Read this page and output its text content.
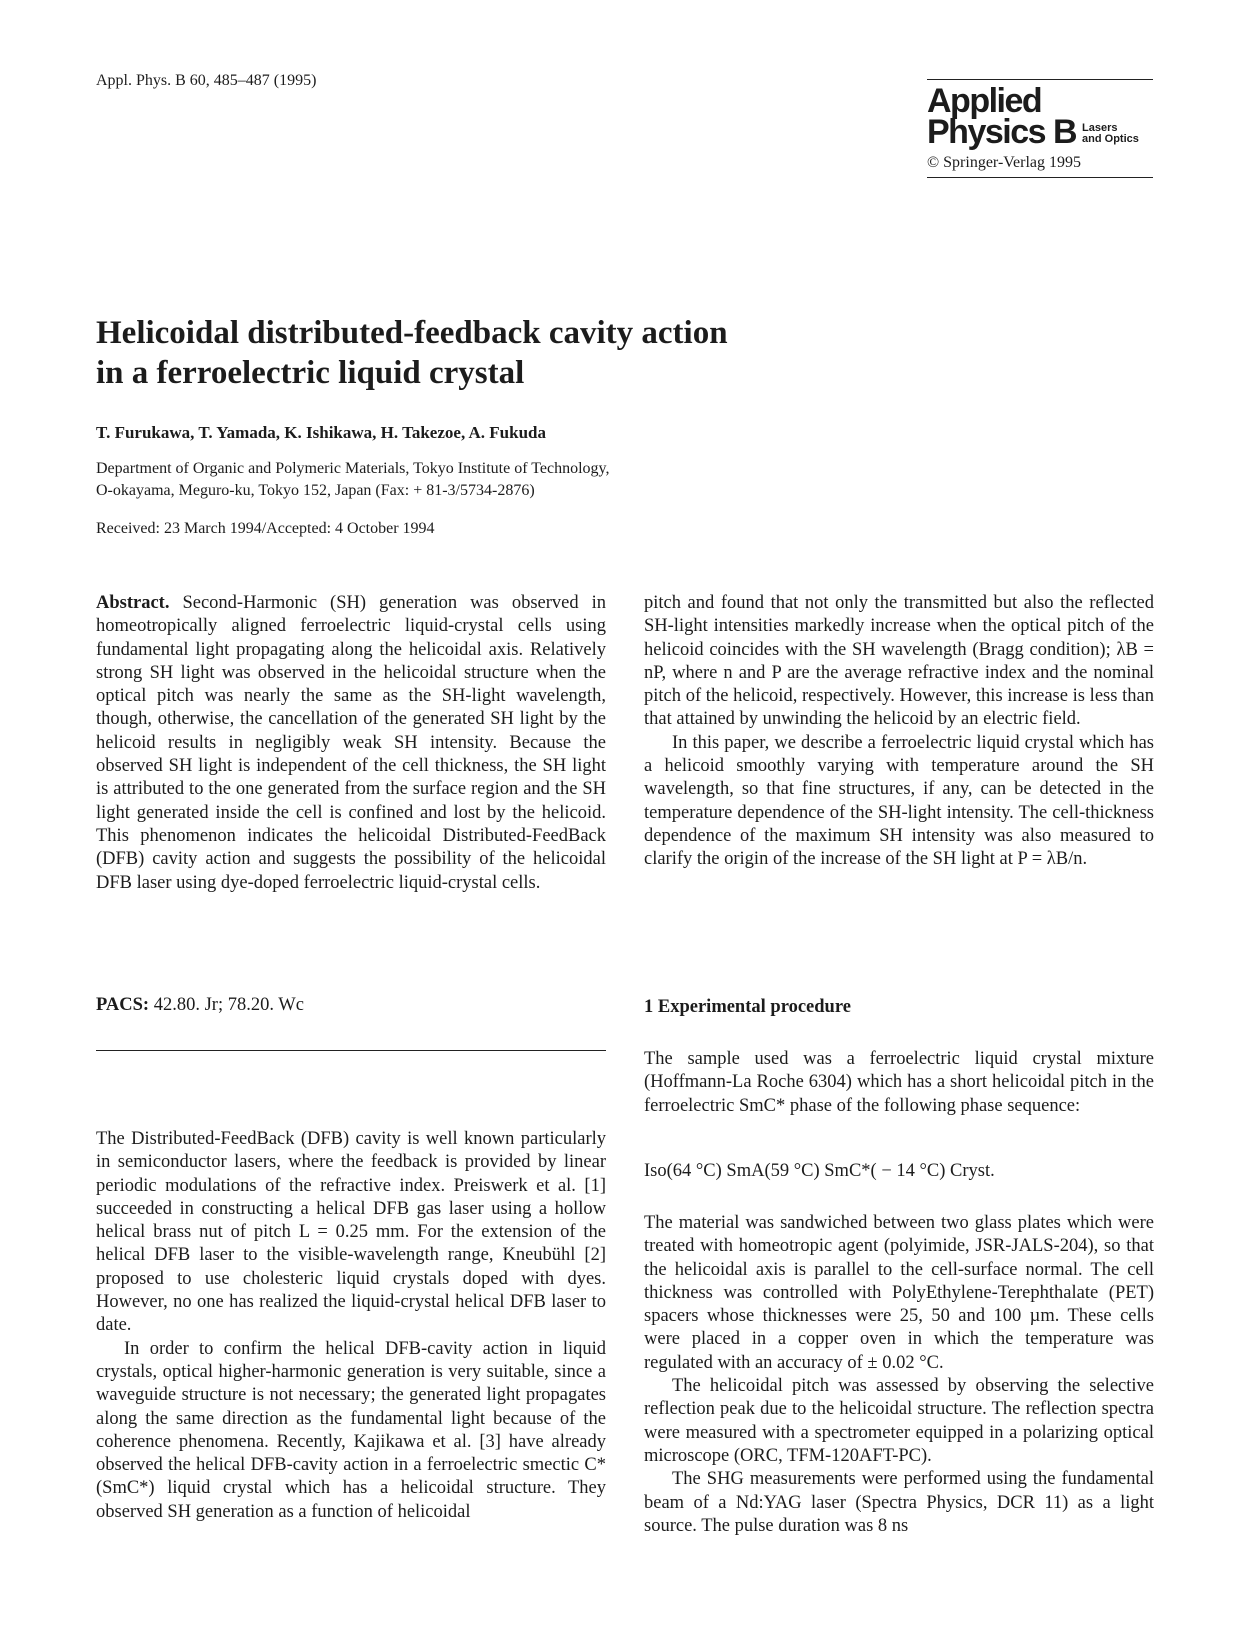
Appl. Phys. B 60, 485–487 (1995)
Applied
Physics B Lasers
and Optics
© Springer-Verlag 1995
Helicoidal distributed-feedback cavity action
in a ferroelectric liquid crystal
T. Furukawa, T. Yamada, K. Ishikawa, H. Takezoe, A. Fukuda
Department of Organic and Polymeric Materials, Tokyo Institute of Technology,
O-okayama, Meguro-ku, Tokyo 152, Japan (Fax: + 81-3/5734-2876)
Received: 23 March 1994/Accepted: 4 October 1994

Abstract. Second-Harmonic (SH) generation was observed in homeotropically aligned ferroelectric liquid-crystal cells using fundamental light propagating along the helicoidal axis. Relatively strong SH light was observed in the helicoidal structure when the optical pitch was nearly the same as the SH-light wavelength, though, otherwise, the cancellation of the generated SH light by the helicoid results in negligibly weak SH intensity. Because the observed SH light is independent of the cell thickness, the SH light is attributed to the one generated from the surface region and the SH light generated inside the cell is confined and lost by the helicoid. This phenomenon indicates the helicoidal Distributed-FeedBack (DFB) cavity action and suggests the possibility of the helicoidal DFB laser using dye-doped ferroelectric liquid-crystal cells.

PACS: 42.80. Jr; 78.20. Wc

The Distributed-FeedBack (DFB) cavity is well known particularly in semiconductor lasers, where the feedback is provided by linear periodic modulations of the refractive index. Preiswerk et al. [1] succeeded in constructing a helical DFB gas laser using a hollow helical brass nut of pitch L = 0.25 mm. For the extension of the helical DFB laser to the visible-wavelength range, Kneubühl [2] proposed to use cholesteric liquid crystals doped with dyes. However, no one has realized the liquid-crystal helical DFB laser to date.

In order to confirm the helical DFB-cavity action in liquid crystals, optical higher-harmonic generation is very suitable, since a waveguide structure is not necessary; the generated light propagates along the same direction as the fundamental light because of the coherence phenomena. Recently, Kajikawa et al. [3] have already observed the helical DFB-cavity action in a ferroelectric smectic C* (SmC*) liquid crystal which has a helicoidal structure. They observed SH generation as a function of helicoidal

pitch and found that not only the transmitted but also the reflected SH-light intensities markedly increase when the optical pitch of the helicoid coincides with the SH wavelength (Bragg condition); λB = nP, where n and P are the average refractive index and the nominal pitch of the helicoid, respectively. However, this increase is less than that attained by unwinding the helicoid by an electric field.

In this paper, we describe a ferroelectric liquid crystal which has a helicoid smoothly varying with temperature around the SH wavelength, so that fine structures, if any, can be detected in the temperature dependence of the SH-light intensity. The cell-thickness dependence of the maximum SH intensity was also measured to clarify the origin of the increase of the SH light at P = λB/n.

1 Experimental procedure

The sample used was a ferroelectric liquid crystal mixture (Hoffmann-La Roche 6304) which has a short helicoidal pitch in the ferroelectric SmC* phase of the following phase sequence:

Iso(64 °C) SmA(59 °C) SmC*( − 14 °C) Cryst.

The material was sandwiched between two glass plates which were treated with homeotropic agent (polyimide, JSR-JALS-204), so that the helicoidal axis is parallel to the cell-surface normal. The cell thickness was controlled with PolyEthylene-Terephthalate (PET) spacers whose thicknesses were 25, 50 and 100 µm. These cells were placed in a copper oven in which the temperature was regulated with an accuracy of ± 0.02 °C.

The helicoidal pitch was assessed by observing the selective reflection peak due to the helicoidal structure. The reflection spectra were measured with a spectrometer equipped in a polarizing optical microscope (ORC, TFM-120AFT-PC).

The SHG measurements were performed using the fundamental beam of a Nd:YAG laser (Spectra Physics, DCR 11) as a light source. The pulse duration was 8 ns
